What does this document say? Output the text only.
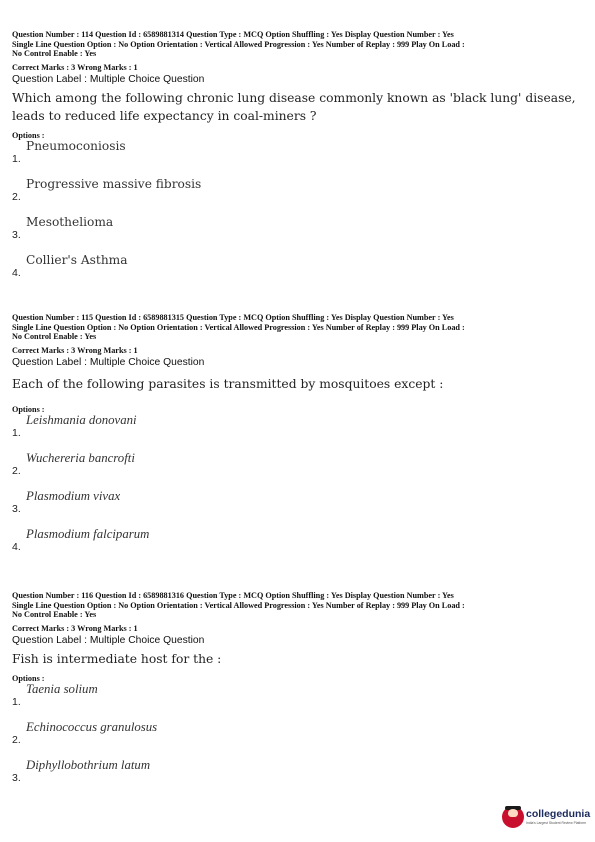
Question Number : 114 Question Id : 6589881314 Question Type : MCQ Option Shuffling : Yes Display Question Number : Yes
Single Line Question Option : No Option Orientation : Vertical Allowed Progression : Yes Number of Replay : 999 Play On Load :
No Control Enable : Yes
Correct Marks : 3 Wrong Marks : 1
Question Label : Multiple Choice Question
Which among the following chronic lung disease commonly known as 'black lung' disease, leads to reduced life expectancy in coal-miners ?
Options :
1.
Pneumoconiosis
2.
Progressive massive fibrosis
3.
Mesothelioma
4.
Collier's Asthma
Question Number : 115 Question Id : 6589881315 Question Type : MCQ Option Shuffling : Yes Display Question Number : Yes
Single Line Question Option : No Option Orientation : Vertical Allowed Progression : Yes Number of Replay : 999 Play On Load :
No Control Enable : Yes
Correct Marks : 3 Wrong Marks : 1
Question Label : Multiple Choice Question
Each of the following parasites is transmitted by mosquitoes except :
Options :
1.
Leishmania donovani
2.
Wuchereria bancrofti
3.
Plasmodium vivax
4.
Plasmodium falciparum
Question Number : 116 Question Id : 6589881316 Question Type : MCQ Option Shuffling : Yes Display Question Number : Yes
Single Line Question Option : No Option Orientation : Vertical Allowed Progression : Yes Number of Replay : 999 Play On Load :
No Control Enable : Yes
Correct Marks : 3 Wrong Marks : 1
Question Label : Multiple Choice Question
Fish is intermediate host for the :
Options :
1.
Taenia solium
2.
Echinococcus granulosus
3.
Diphyllobothrium latum
collegedunia
India's Largest Student Review Platform
